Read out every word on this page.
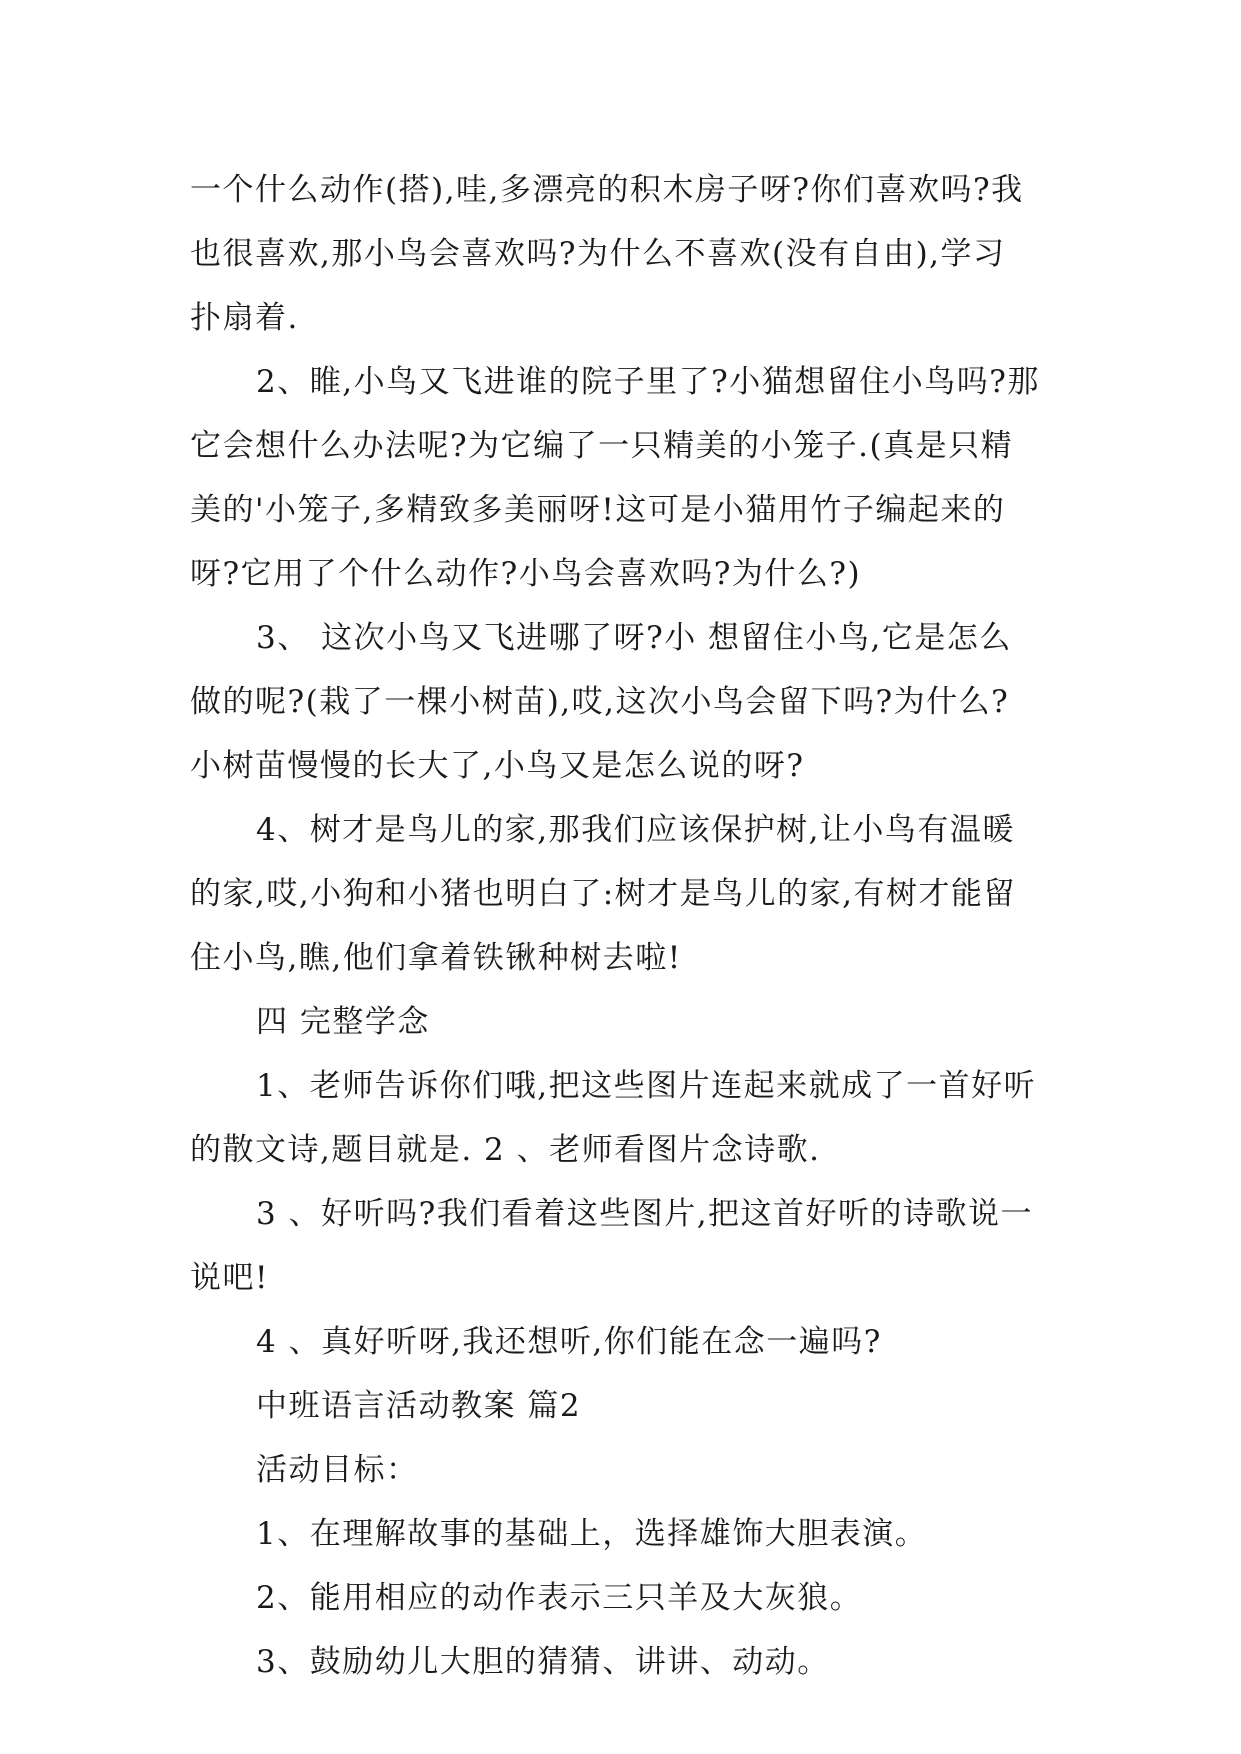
一个什么动作(搭),哇,多漂亮的积木房子呀?你们喜欢吗?我
也很喜欢,那小鸟会喜欢吗?为什么不喜欢(没有自由),学习
扑扇着.

2、睢,小鸟又飞进谁的院子里了?小猫想留住小鸟吗?那
它会想什么办法呢?为它编了一只精美的小笼子.(真是只精
美的'小笼子,多精致多美丽呀!这可是小猫用竹子编起来的
呀?它用了个什么动作?小鸟会喜欢吗?为什么?)

3、 这次小鸟又飞进哪了呀?小 想留住小鸟,它是怎么
做的呢?(栽了一棵小树苗),哎,这次小鸟会留下吗?为什么?
小树苗慢慢的长大了,小鸟又是怎么说的呀?

4、树才是鸟儿的家,那我们应该保护树,让小鸟有温暖
的家,哎,小狗和小猪也明白了:树才是鸟儿的家,有树才能留
住小鸟,瞧,他们拿着铁锹种树去啦!

四 完整学念

1、老师告诉你们哦,把这些图片连起来就成了一首好听
的散文诗,题目就是. 2 、老师看图片念诗歌.

3 、好听吗?我们看着这些图片,把这首好听的诗歌说一
说吧!

4 、真好听呀,我还想听,你们能在念一遍吗?

中班语言活动教案 篇2

活动目标：

1、在理解故事的基础上，选择雄饰大胆表演。

2、能用相应的动作表示三只羊及大灰狼。

3、鼓励幼儿大胆的猜猜、讲讲、动动。
